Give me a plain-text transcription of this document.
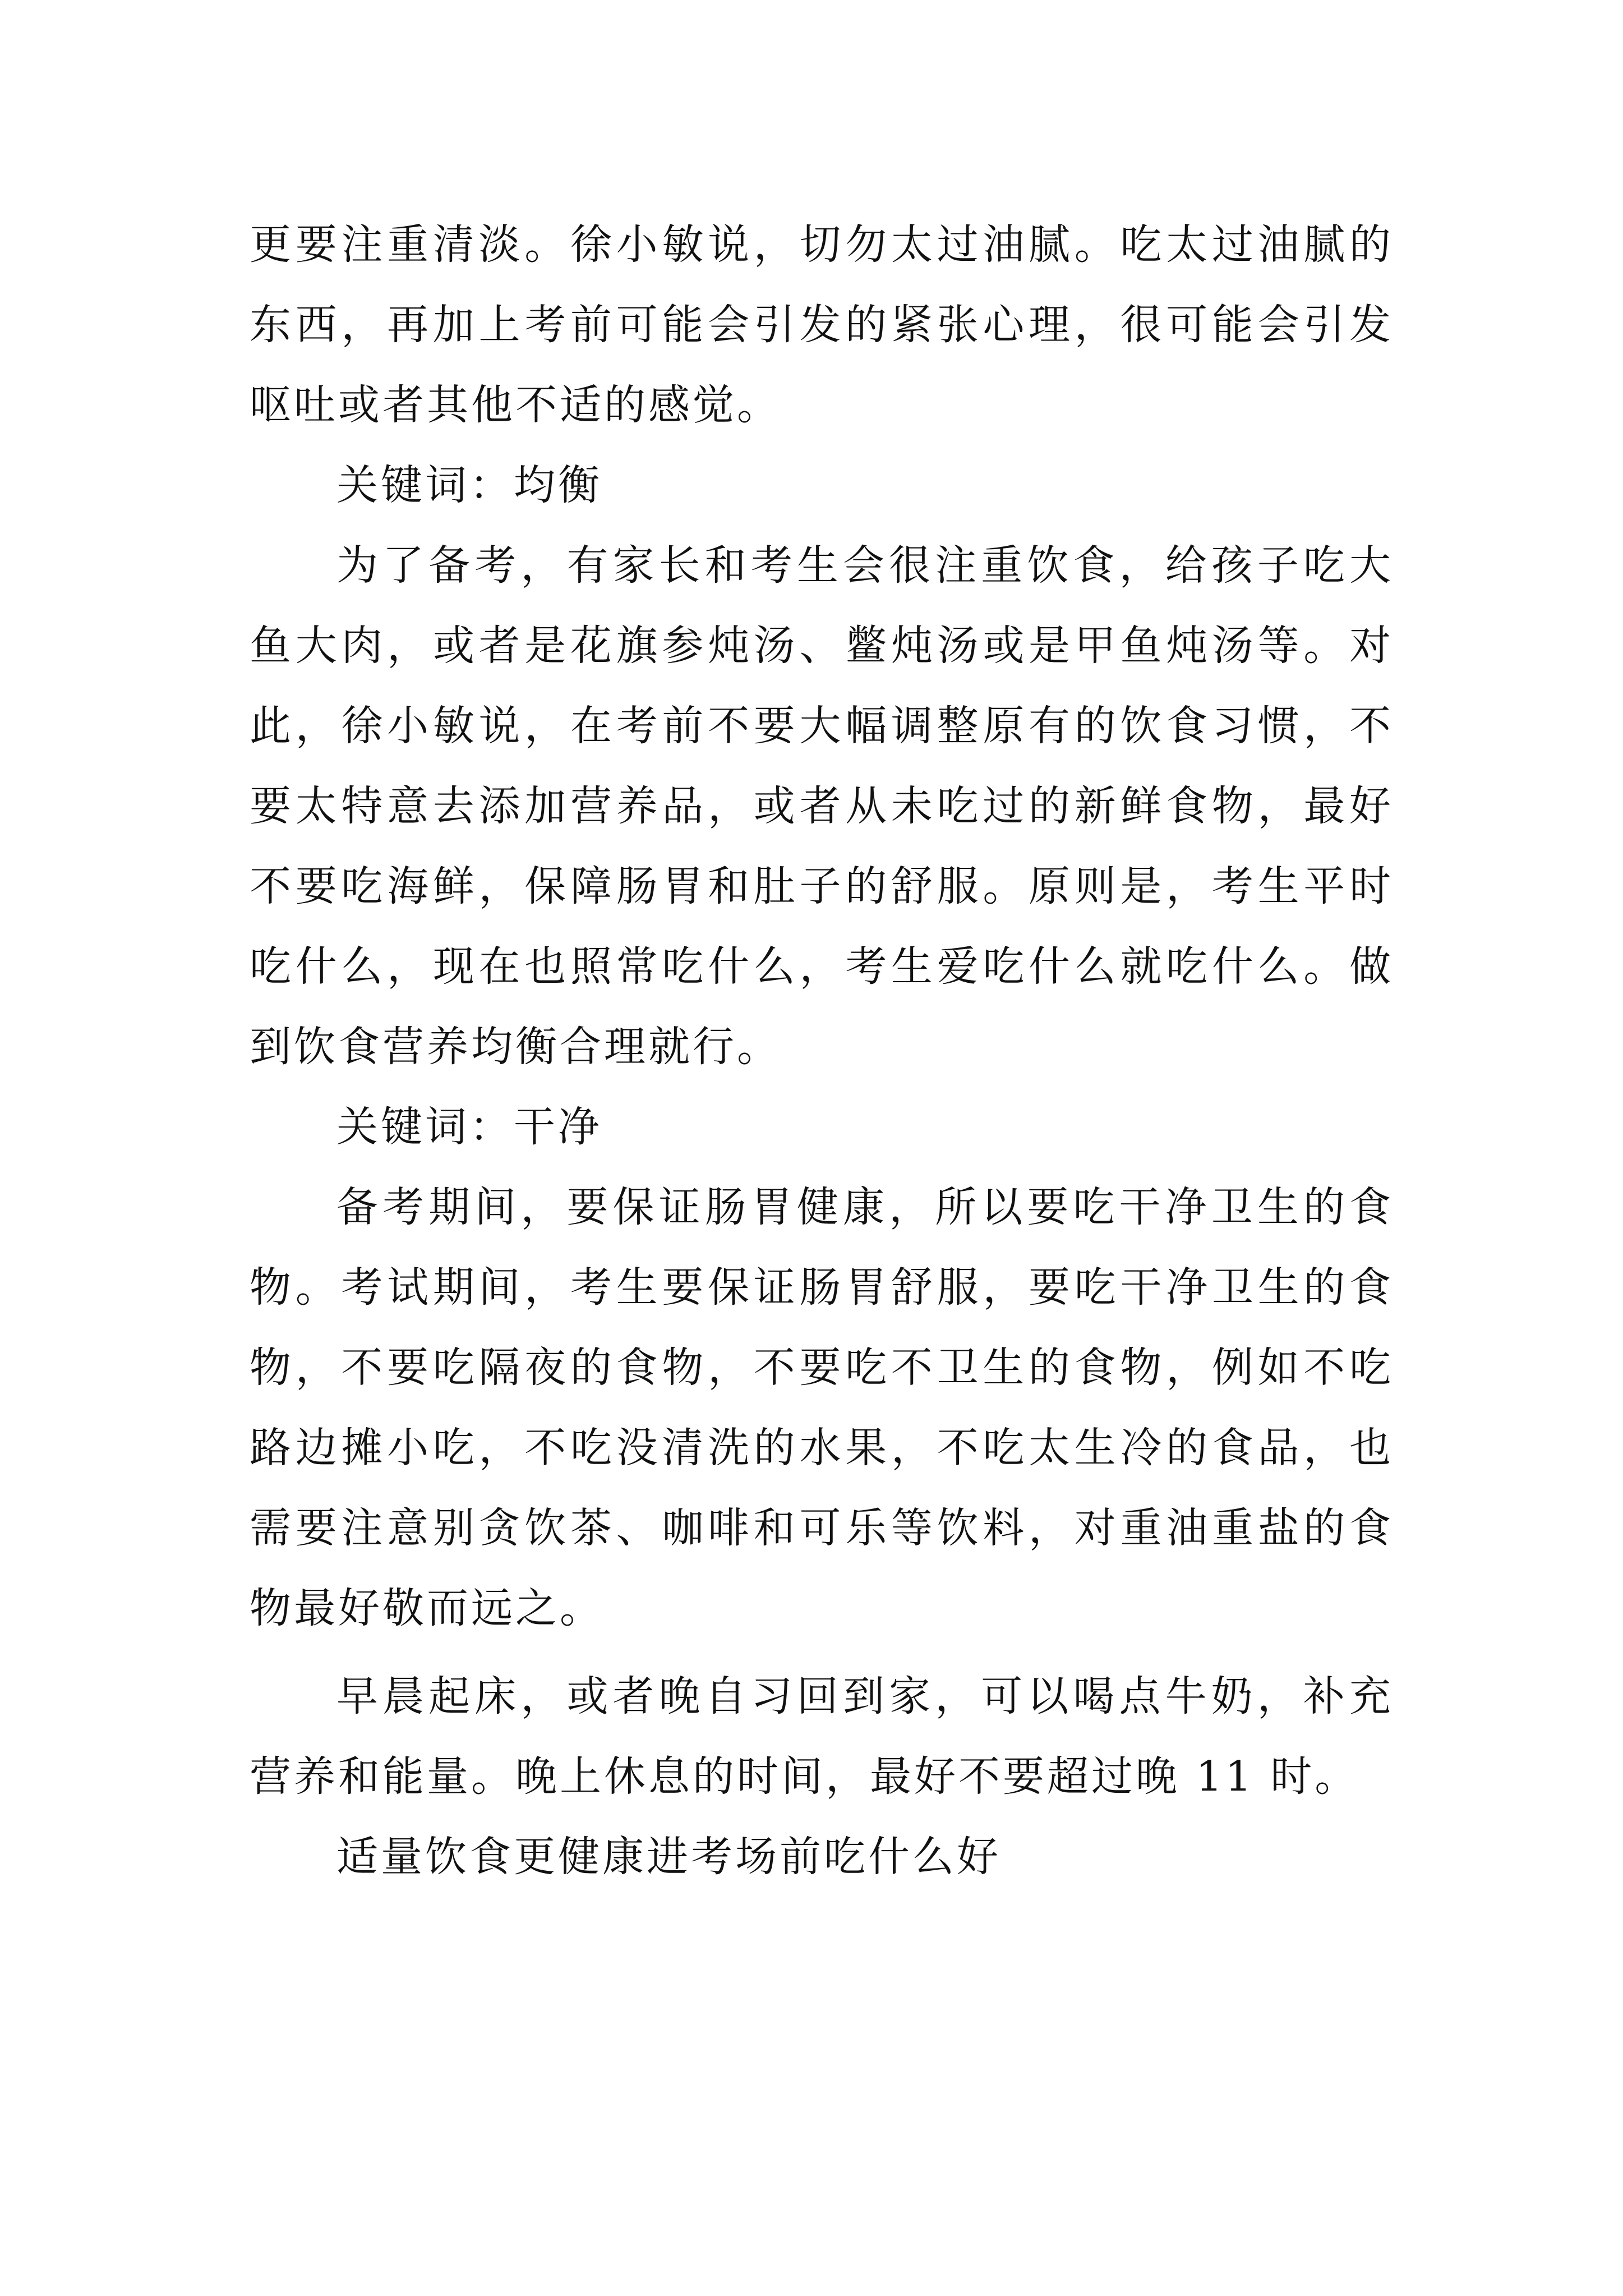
更要注重清淡。徐小敏说，切勿太过油腻。吃太过油腻的东西，再加上考前可能会引发的紧张心理，很可能会引发呕吐或者其他不适的感觉。

关键词：均衡

为了备考，有家长和考生会很注重饮食，给孩子吃大鱼大肉，或者是花旗参炖汤、鳖炖汤或是甲鱼炖汤等。对此，徐小敏说，在考前不要大幅调整原有的饮食习惯，不要太特意去添加营养品，或者从未吃过的新鲜食物，最好不要吃海鲜，保障肠胃和肚子的舒服。原则是，考生平时吃什么，现在也照常吃什么，考生爱吃什么就吃什么。做到饮食营养均衡合理就行。

关键词：干净

备考期间，要保证肠胃健康，所以要吃干净卫生的食物。考试期间，考生要保证肠胃舒服，要吃干净卫生的食物，不要吃隔夜的食物，不要吃不卫生的食物，例如不吃路边摊小吃，不吃没清洗的水果，不吃太生冷的食品，也需要注意别贪饮茶、咖啡和可乐等饮料，对重油重盐的食物最好敬而远之。

早晨起床，或者晚自习回到家，可以喝点牛奶，补充营养和能量。晚上休息的时间，最好不要超过晚 11 时。

适量饮食更健康进考场前吃什么好
